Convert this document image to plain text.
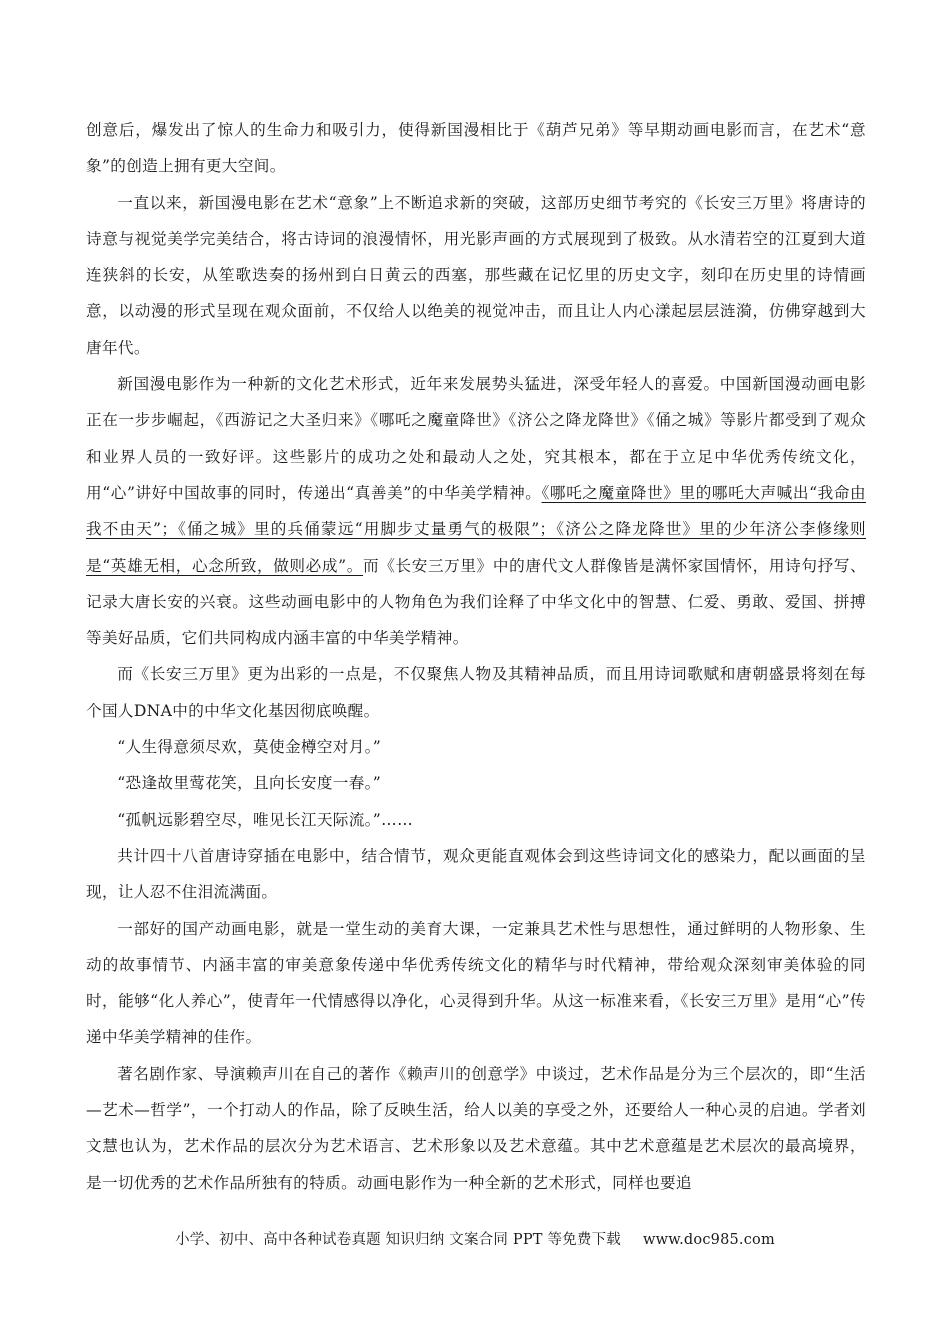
创意后，爆发出了惊人的生命力和吸引力，使得新国漫相比于《葫芦兄弟》等早期动画电影而言，在艺术“意象”的创造上拥有更大空间。

一直以来，新国漫电影在艺术“意象”上不断追求新的突破，这部历史细节考究的《长安三万里》将唐诗的诗意与视觉美学完美结合，将古诗词的浪漫情怀，用光影声画的方式展现到了极致。从水清若空的江夏到大道连狭斜的长安，从笙歌迭奏的扬州到白日黄云的西塞，那些藏在记忆里的历史文字，刻印在历史里的诗情画意，以动漫的形式呈现在观众面前，不仅给人以绝美的视觉冲击，而且让人内心漾起层层涟漪，仿佛穿越到大唐年代。

新国漫电影作为一种新的文化艺术形式，近年来发展势头猛进，深受年轻人的喜爱。中国新国漫动画电影正在一步步崛起，《西游记之大圣归来》《哪吒之魔童降世》《济公之降龙降世》《俑之城》等影片都受到了观众和业界人员的一致好评。这些影片的成功之处和最动人之处，究其根本，都在于立足中华优秀传统文化，用“心”讲好中国故事的同时，传递出“真善美”的中华美学精神。《哪吒之魔童降世》里的哪吒大声喊出“我命由我不由天”；《俑之城》里的兵俑蒙远“用脚步丈量勇气的极限”；《济公之降龙降世》里的少年济公李修缘则是“英雄无相，心念所致，做则必成”。而《长安三万里》中的唐代文人群像皆是满怀家国情怀，用诗句抒写、记录大唐长安的兴衰。这些动画电影中的人物角色为我们诠释了中华文化中的智慧、仁爱、勇敢、爱国、拼搏等美好品质，它们共同构成内涵丰富的中华美学精神。

而《长安三万里》更为出彩的一点是，不仅聚焦人物及其精神品质，而且用诗词歌赋和唐朝盛景将刻在每个国人DNA中的中华文化基因彻底唤醒。

“人生得意须尽欢，莫使金樽空对月。”

“恐逢故里莺花笑，且向长安度一春。”

“孤帆远影碧空尽，唯见长江天际流。”……

共计四十八首唐诗穿插在电影中，结合情节，观众更能直观体会到这些诗词文化的感染力，配以画面的呈现，让人忍不住泪流满面。

一部好的国产动画电影，就是一堂生动的美育大课，一定兼具艺术性与思想性，通过鲜明的人物形象、生动的故事情节、内涵丰富的审美意象传递中华优秀传统文化的精华与时代精神，带给观众深刻审美体验的同时，能够“化人养心”，使青年一代情感得以净化，心灵得到升华。从这一标准来看，《长安三万里》是用“心”传递中华美学精神的佳作。

著名剧作家、导演赖声川在自己的著作《赖声川的创意学》中谈过，艺术作品是分为三个层次的，即“生活—艺术—哲学”，一个打动人的作品，除了反映生活，给人以美的享受之外，还要给人一种心灵的启迪。学者刘文慧也认为，艺术作品的层次分为艺术语言、艺术形象以及艺术意蕴。其中艺术意蕴是艺术层次的最高境界，是一切优秀的艺术作品所独有的特质。动画电影作为一种全新的艺术形式，同样也要追

小学、初中、高中各种试卷真题 知识归纳 文案合同 PPT 等免费下载 www.doc985.com
